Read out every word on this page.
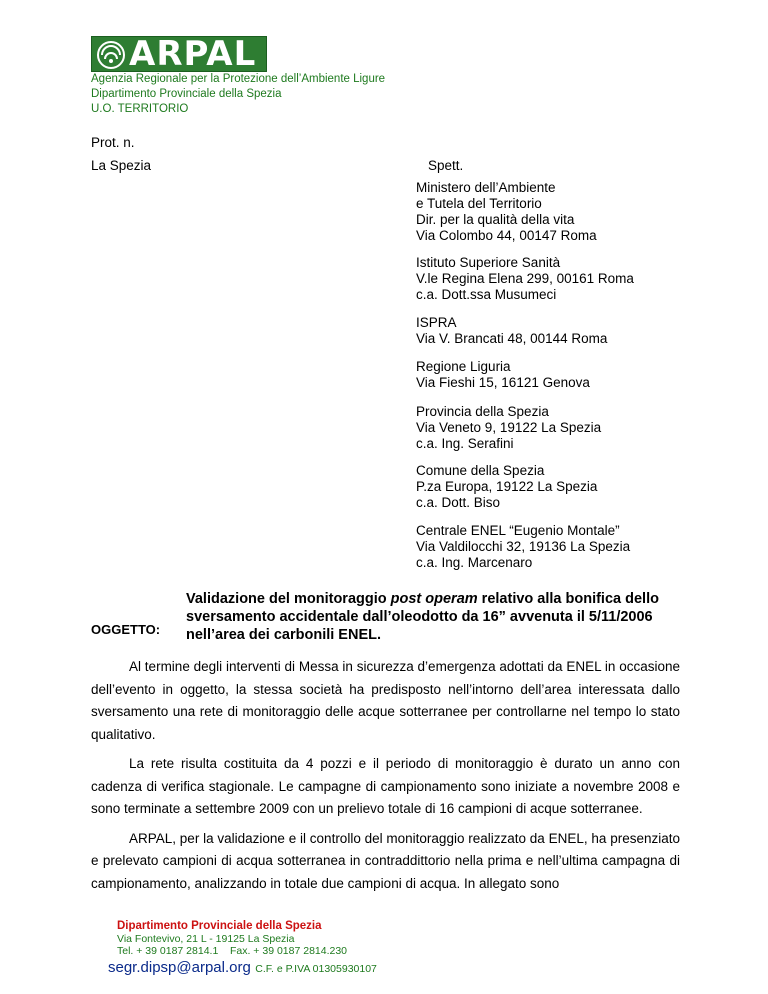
ARPAL
Agenzia Regionale per la Protezione dell’Ambiente Ligure
Dipartimento Provinciale della Spezia
U.O. TERRITORIO
Prot. n.
La Spezia	Spett.
Ministero dell’Ambiente
e Tutela del Territorio
Dir. per la qualità della vita
Via Colombo 44, 00147 Roma
Istituto Superiore Sanità
V.le Regina Elena 299, 00161 Roma
c.a. Dott.ssa Musumeci
ISPRA
Via V. Brancati 48, 00144 Roma
Regione Liguria
Via Fieshi 15, 16121 Genova
Provincia della Spezia
Via Veneto 9, 19122 La Spezia
c.a. Ing. Serafini
Comune della Spezia
P.za Europa, 19122 La Spezia
c.a. Dott. Biso
Centrale ENEL “Eugenio Montale”
Via Valdilocchi 32, 19136 La Spezia
c.a. Ing. Marcenaro
OGGETTO:
Validazione del monitoraggio post operam relativo alla bonifica dello
sversamento accidentale dall’oleodotto da 16” avvenuta il 5/11/2006
nell’area dei carbonili ENEL.

Al termine degli interventi di Messa in sicurezza d’emergenza adottati da ENEL in occasione dell’evento in oggetto, la stessa società ha predisposto nell’intorno dell’area interessata dallo sversamento una rete di monitoraggio delle acque sotterranee per controllarne nel tempo lo stato qualitativo.

La rete risulta costituita da 4 pozzi e il periodo di monitoraggio è durato un anno con cadenza di verifica stagionale. Le campagne di campionamento sono iniziate a novembre 2008 e sono terminate a settembre 2009 con un prelievo totale di 16 campioni di acque sotterranee.

ARPAL, per la validazione e il controllo del monitoraggio realizzato da ENEL, ha presenziato e prelevato campioni di acqua sotterranea in contraddittorio nella prima e nell’ultima campagna di campionamento, analizzando in totale due campioni di acqua. In allegato sono

Dipartimento Provinciale della Spezia
Via Fontevivo, 21 L - 19125 La Spezia
Tel. + 39 0187 2814.1 Fax. + 39 0187 2814.230
segr.dipsp@arpal.org C.F. e P.IVA 01305930107
